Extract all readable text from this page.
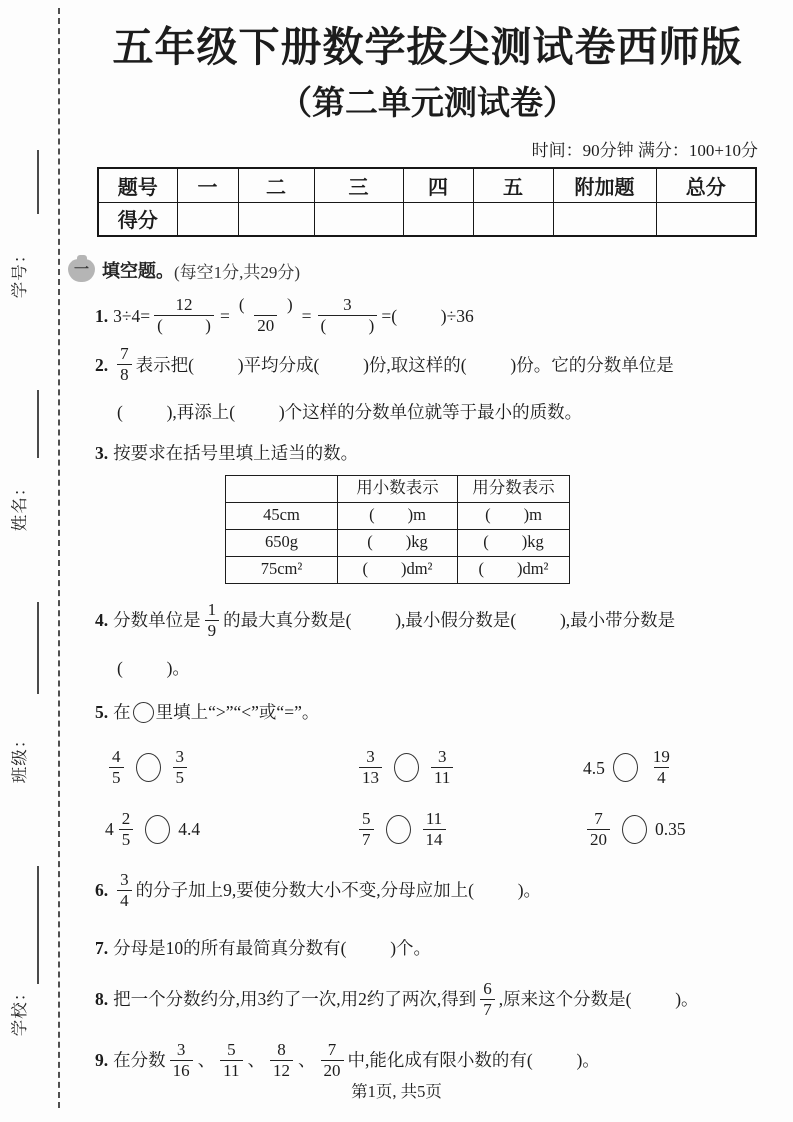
学号：
姓名：
班级：
学校：
五年级下册数学拔尖测试卷西师版
（第二单元测试卷）
时间：90分钟 满分：100+10分
题号	一	二	三	四	五	附加题	总分
得分							
一 填空题。 (每空1分,共29分)
1. $3\div 4= \frac{12}{( )} = \frac{( )}{20} = \frac{3}{( )}$ =(          )÷36
2. $\frac{7}{8}$ 表示把(          )平均分成(          )份,取这样的(          )份。它的分数单位是
(          ),再添上(          )个这样的分数单位就等于最小的质数。
3. 按要求在括号里填上适当的数。
	用小数表示	用分数表示
45cm	(        )m	(        )m
650g	(        )kg	(        )kg
75cm²	(        )dm²	(        )dm²
4. 分数单位是 $\frac{1}{9}$ 的最大真分数是(          ),最小假分数是(          ),最小带分数是
(          )。
5. 在 里填上“>”“<”或“=”。
$\frac{4}{5}$	$\frac{3}{5}$	$\frac{3}{13}$	$\frac{3}{11}$	4.5	$\frac{19}{4}$
$4 \frac{2}{5}$	4.4	$\frac{5}{7}$	$\frac{11}{14}$	$\frac{7}{20}$	0.35
6. $\frac{3}{4}$ 的分子加上9,要使分数大小不变,分母应加上(          )。
7. 分母是10的所有最简真分数有(          )个。
8. 把一个分数约分,用3约了一次,用2约了两次,得到 $\frac{6}{7}$ ,原来这个分数是(          )。
9. 在分数 $\frac{3}{16}$ 、 $\frac{5}{11}$ 、 $\frac{8}{12}$ 、 $\frac{7}{20}$ 中,能化成有限小数的有(          )。
第1页, 共5页
